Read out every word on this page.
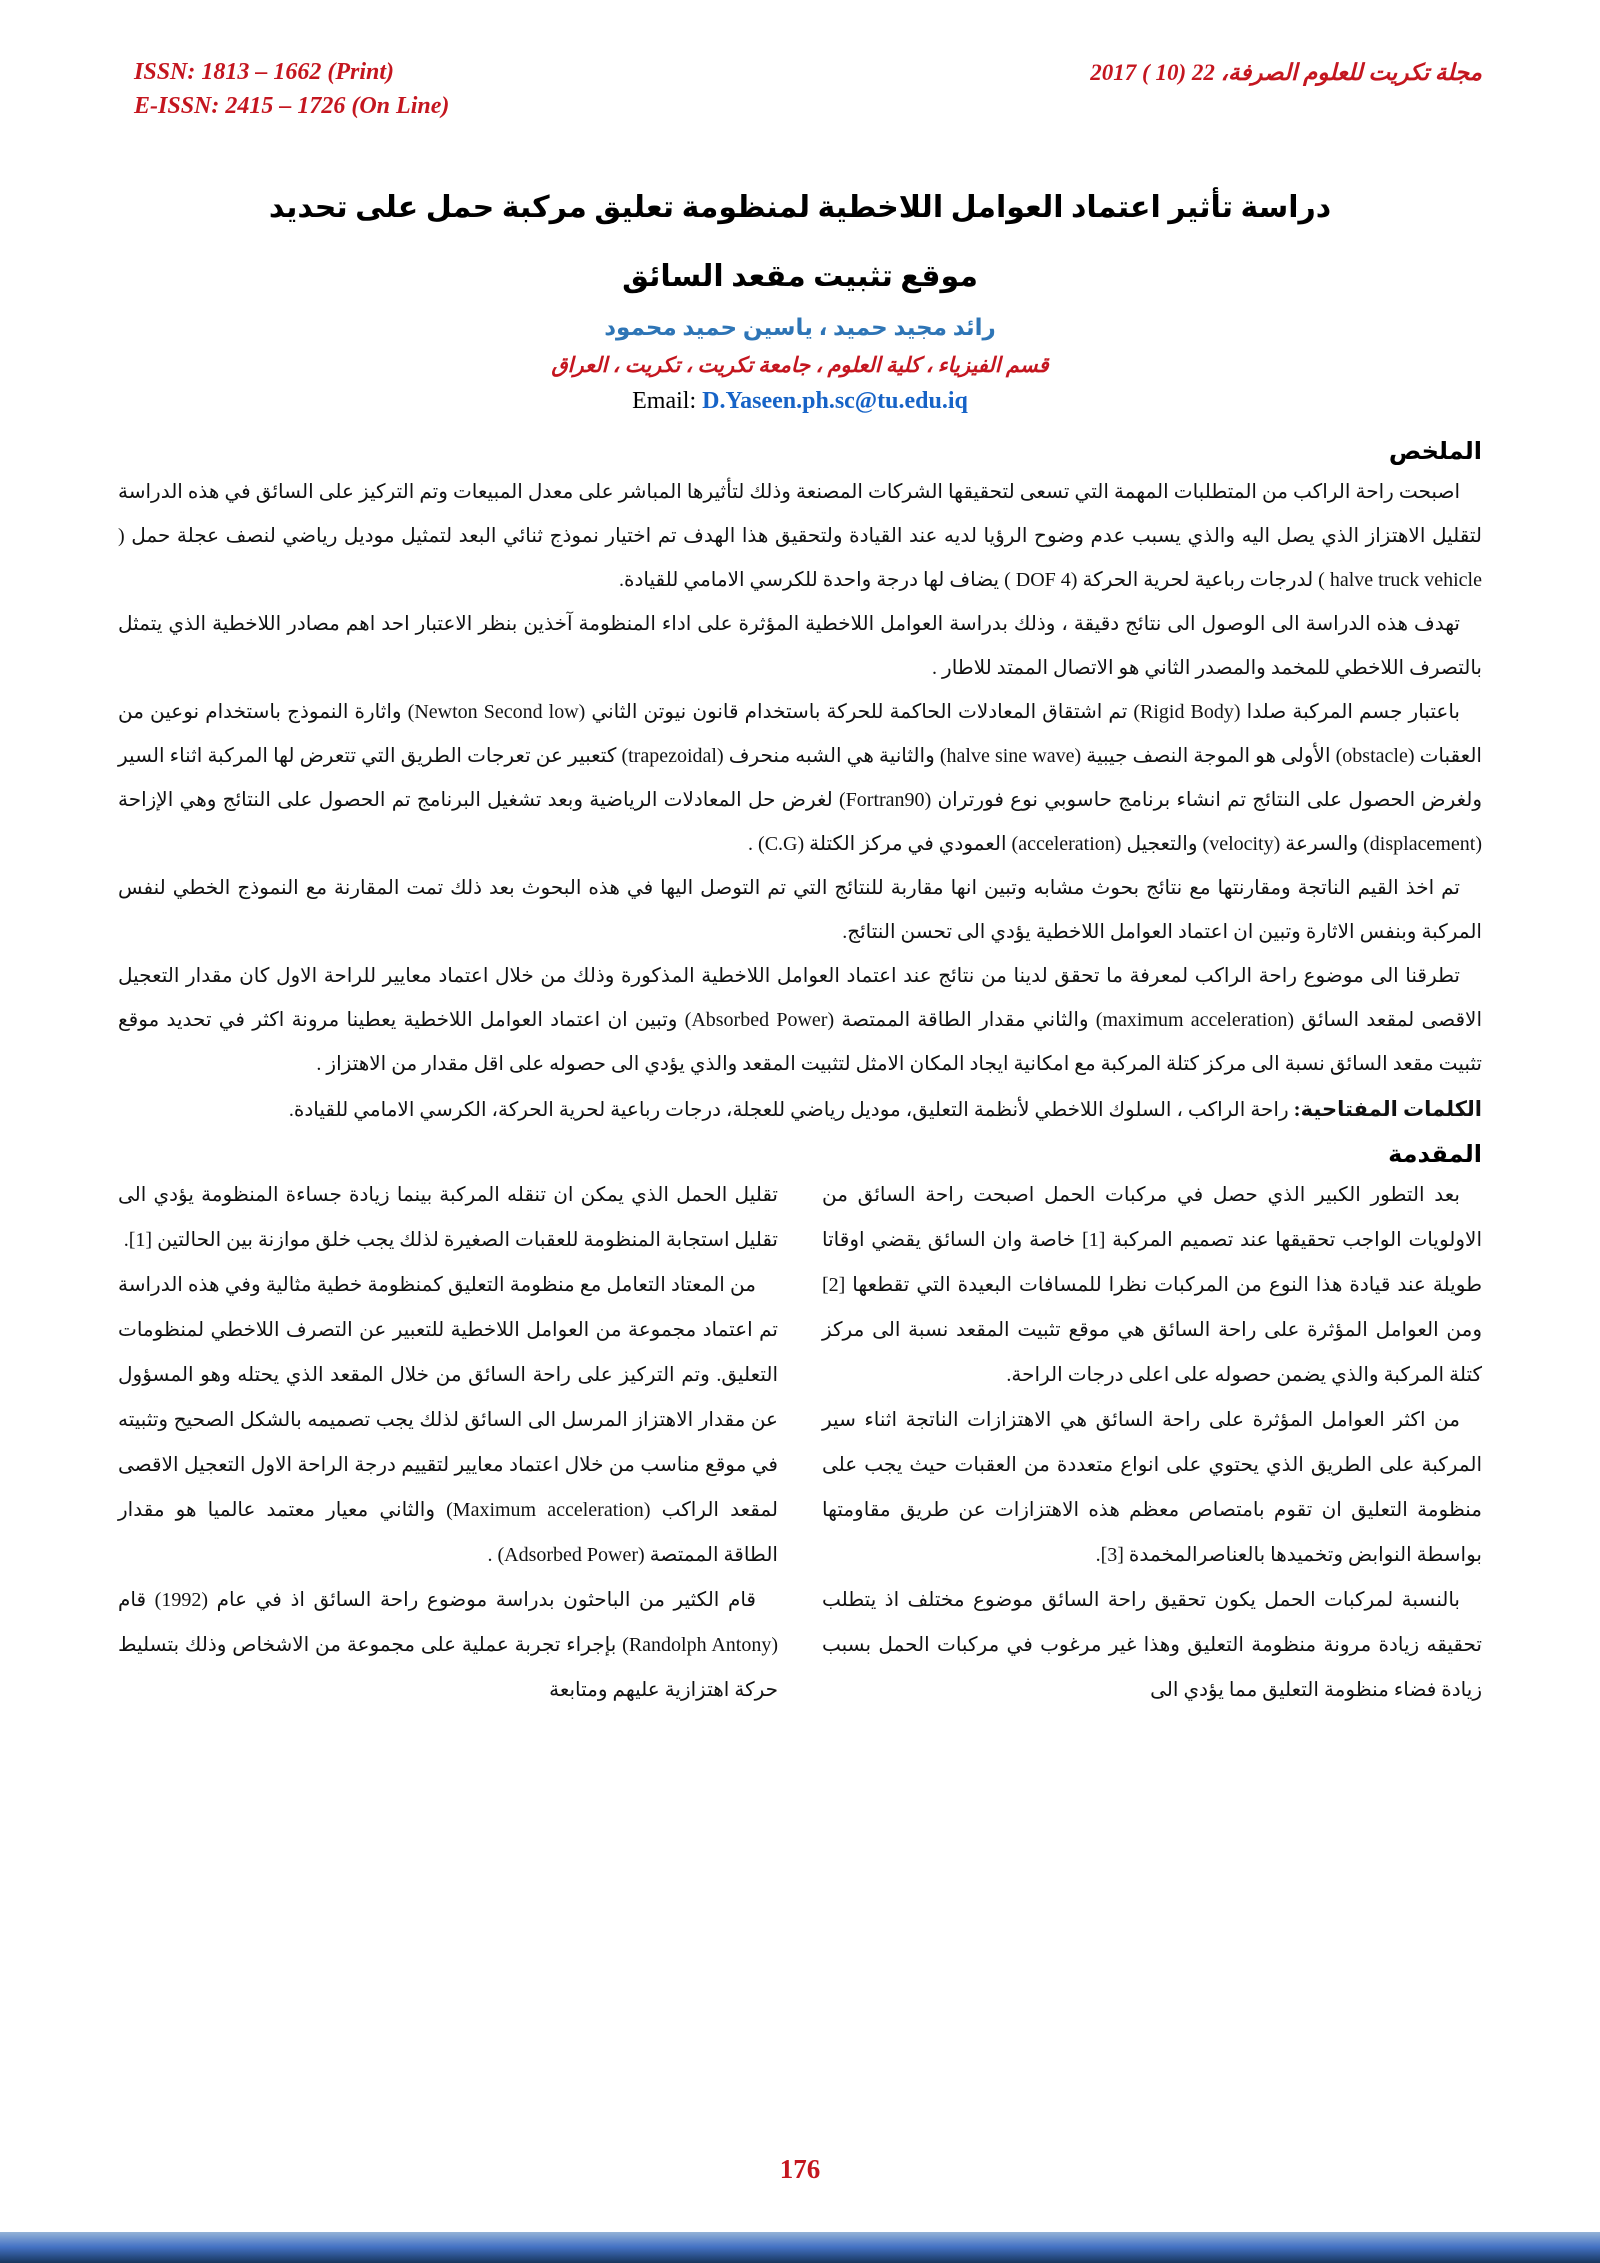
ISSN: 1813 – 1662 (Print)
E-ISSN: 2415 – 1726 (On Line)
مجلة تكريت للعلوم الصرفة، 22 (10 ) 2017
دراسة تأثير اعتماد العوامل اللاخطية لمنظومة تعليق مركبة حمل على تحديد
موقع تثبيت مقعد السائق
رائد مجيد حميد ، ياسين حميد محمود
قسم الفيزياء ، كلية العلوم ، جامعة تكريت ، تكريت ، العراق
Email: D.Yaseen.ph.sc@tu.edu.iq
الملخص

اصبحت راحة الراكب من المتطلبات المهمة التي تسعى لتحقيقها الشركات المصنعة وذلك لتأثيرها المباشر على معدل المبيعات وتم التركيز على السائق في هذه الدراسة لتقليل الاهتزاز الذي يصل اليه والذي يسبب عدم وضوح الرؤيا لديه عند القيادة ولتحقيق هذا الهدف تم اختيار نموذج ثنائي البعد لتمثيل موديل رياضي لنصف عجلة حمل ( halve truck vehicle ) لدرجات رباعية لحرية الحركة (4 DOF ) يضاف لها درجة واحدة للكرسي الامامي للقيادة.

تهدف هذه الدراسة الى الوصول الى نتائج دقيقة ، وذلك بدراسة العوامل اللاخطية المؤثرة على اداء المنظومة آخذين بنظر الاعتبار احد اهم مصادر اللاخطية الذي يتمثل بالتصرف اللاخطي للمخمد والمصدر الثاني هو الاتصال الممتد للاطار .

باعتبار جسم المركبة صلدا (Rigid Body) تم اشتقاق المعادلات الحاكمة للحركة باستخدام قانون نيوتن الثاني (Newton Second low) واثارة النموذج باستخدام نوعين من العقبات (obstacle) الأولى هو الموجة النصف جيبية (halve sine wave) والثانية هي الشبه منحرف (trapezoidal) كتعبير عن تعرجات الطريق التي تتعرض لها المركبة اثناء السير ولغرض الحصول على النتائج تم انشاء برنامج حاسوبي نوع فورتران (Fortran90) لغرض حل المعادلات الرياضية وبعد تشغيل البرنامج تم الحصول على النتائج وهي الإزاحة (displacement) والسرعة (velocity) والتعجيل (acceleration) العمودي في مركز الكتلة (C.G) .

تم اخذ القيم الناتجة ومقارنتها مع نتائج بحوث مشابه وتبين انها مقاربة للنتائج التي تم التوصل اليها في هذه البحوث بعد ذلك تمت المقارنة مع النموذج الخطي لنفس المركبة وبنفس الاثارة وتبين ان اعتماد العوامل اللاخطية يؤدي الى تحسن النتائج.

تطرقنا الى موضوع راحة الراكب لمعرفة ما تحقق لدينا من نتائج عند اعتماد العوامل اللاخطية المذكورة وذلك من خلال اعتماد معايير للراحة الاول كان مقدار التعجيل الاقصى لمقعد السائق (maximum acceleration) والثاني مقدار الطاقة الممتصة (Absorbed Power) وتبين ان اعتماد العوامل اللاخطية يعطينا مرونة اكثر في تحديد موقع تثبيت مقعد السائق نسبة الى مركز كتلة المركبة مع امكانية ايجاد المكان الامثل لتثبيت المقعد والذي يؤدي الى حصوله على اقل مقدار من الاهتزاز .

الكلمات المفتاحية: راحة الراكب ، السلوك اللاخطي لأنظمة التعليق، موديل رياضي للعجلة، درجات رباعية لحرية الحركة، الكرسي الامامي للقيادة.

المقدمة

بعد التطور الكبير الذي حصل في مركبات الحمل اصبحت راحة السائق من الاولويات الواجب تحقيقها عند تصميم المركبة [1] خاصة وان السائق يقضي اوقاتا طويلة عند قيادة هذا النوع من المركبات نظرا للمسافات البعيدة التي تقطعها [2] ومن العوامل المؤثرة على راحة السائق هي موقع تثبيت المقعد نسبة الى مركز كتلة المركبة والذي يضمن حصوله على اعلى درجات الراحة.

من اكثر العوامل المؤثرة على راحة السائق هي الاهتزازات الناتجة اثناء سير المركبة على الطريق الذي يحتوي على انواع متعددة من العقبات حيث يجب على منظومة التعليق ان تقوم بامتصاص معظم هذه الاهتزازات عن طريق مقاومتها بواسطة النوابض وتخميدها بالعناصرالمخمدة [3].

بالنسبة لمركبات الحمل يكون تحقيق راحة السائق موضوع مختلف اذ يتطلب تحقيقه زيادة مرونة منظومة التعليق وهذا غير مرغوب في مركبات الحمل بسبب زيادة فضاء منظومة التعليق مما يؤدي الى

تقليل الحمل الذي يمكن ان تنقله المركبة بينما زيادة جساءة المنظومة يؤدي الى تقليل استجابة المنظومة للعقبات الصغيرة لذلك يجب خلق موازنة بين الحالتين [1].

من المعتاد التعامل مع منظومة التعليق كمنظومة خطية مثالية وفي هذه الدراسة تم اعتماد مجموعة من العوامل اللاخطية للتعبير عن التصرف اللاخطي لمنظومات التعليق. وتم التركيز على راحة السائق من خلال المقعد الذي يحتله وهو المسؤول عن مقدار الاهتزاز المرسل الى السائق لذلك يجب تصميمه بالشكل الصحيح وتثبيته في موقع مناسب من خلال اعتماد معايير لتقييم درجة الراحة الاول التعجيل الاقصى لمقعد الراكب (Maximum acceleration) والثاني معيار معتمد عالميا هو مقدار الطاقة الممتصة (Adsorbed Power) .

قام الكثير من الباحثون بدراسة موضوع راحة السائق اذ في عام (1992) قام (Randolph Antony) بإجراء تجربة عملية على مجموعة من الاشخاص وذلك بتسليط حركة اهتزازية عليهم ومتابعة

176
